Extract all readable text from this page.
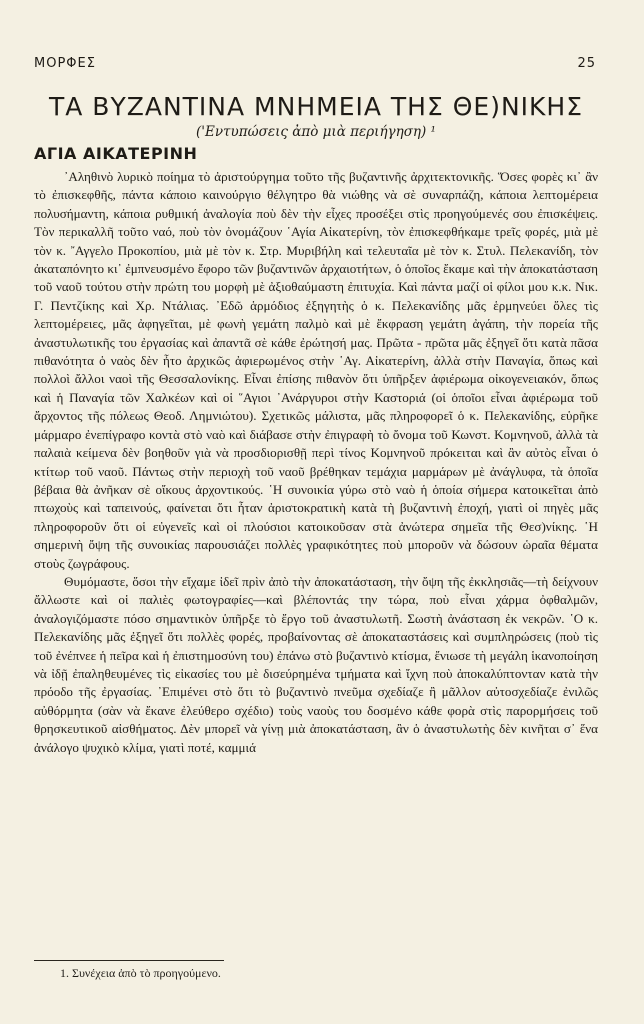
ΜΟΡΦΕΣ	25
ΤΑ ΒΥΖΑΝΤΙΝΑ ΜΝΗΜΕΙΑ ΤΗΣ ΘΕ)ΝΙΚΗΣ

('Εντυπώσεις ἀπὸ μιὰ περιήγηση) ¹

ΑΓΙΑ ΑΙΚΑΤΕΡΙΝΗ

᾿Αληθινὸ λυρικὸ ποίημα τὸ ἀριστούργημα τοῦτο τῆς βυζαντινῆς ἀρχιτεκτονικῆς. Ὅσες φορὲς κι᾿ ἂν τὸ ἐπισκεφθῆς, πάντα κάποιο καινούργιο θέλγητρο θὰ νιώθης νὰ σὲ συναρπάζη, κάποια λεπτομέρεια πολυσήμαντη, κάποια ρυθμική ἀναλογία ποὺ δὲν τὴν εἶχες προσέξει στὶς προηγούμενές σου ἐπισκέψεις. Τὸν περικαλλῆ τοῦτο ναό, ποὺ τὸν ὀνομάζουν ῾Αγία Αἰκατερίνη, τὸν ἐπισκεφθήκαμε τρεῖς φορές, μιὰ μὲ τὸν κ. ῎Αγγελο Προκοπίου, μιὰ μὲ τὸν κ. Στρ. Μυριβήλη καὶ τελευταῖα μὲ τὸν κ. Στυλ. Πελεκανίδη, τὸν ἀκαταπόνητο κι᾿ ἐμπνευσμένο ἔφορο τῶν βυζαντινῶν ἀρχαιοτήτων, ὁ ὁποῖος ἔκαμε καὶ τὴν ἀποκατάσταση τοῦ ναοῦ τούτου στὴν πρώτη του μορφὴ μὲ ἀξιοθαύμαστη ἐπιτυχία. Καὶ πάντα μαζί οἱ φίλοι μου κ.κ. Νικ. Γ. Πεντζίκης καὶ Χρ. Ντάλιας. ᾿Εδῶ ἁρμόδιος ἐξηγητὴς ὁ κ. Πελεκανίδης μᾶς ἑρμηνεύει ὅλες τὶς λεπτομέρειες, μᾶς ἀφηγεῖται, μὲ φωνὴ γεμάτη παλμὸ καὶ μὲ ἔκφραση γεμάτη ἀγάπη, τὴν πορεία τῆς ἀναστυλωτικῆς του ἐργασίας καὶ ἀπαντᾶ σὲ κάθε ἐρώτησή μας. Πρῶτα - πρῶτα μᾶς ἐξηγεῖ ὅτι κατὰ πᾶσα πιθανότητα ὁ ναὸς δὲν ἦτο ἀρχικῶς ἀφιερωμένος στὴν ῾Αγ. Αἰκατερίνη, ἀλλὰ στὴν Παναγία, ὅπως καὶ πολλοὶ ἄλλοι ναοὶ τῆς Θεσσαλονίκης. Εἶναι ἐπίσης πιθανὸν ὅτι ὑπῆρξεν ἀφιέρωμα οἰκογενειακόν, ὅπως καὶ ἡ Παναγία τῶν Χαλκέων καὶ οἱ ῞Αγιοι ᾿Ανάργυροι στὴν Καστοριά (οἱ ὁποῖοι εἶναι ἀφιέρωμα τοῦ ἄρχοντος τῆς πόλεως Θεοδ. Λημνιώτου). Σχετικῶς μάλιστα, μᾶς πληροφορεῖ ὁ κ. Πελεκανίδης, εὑρῆκε μάρμαρο ἐνεπίγραφο κοντὰ στὸ ναὸ καὶ διάβασε στὴν ἐπιγραφὴ τὸ ὄνομα τοῦ Κωνστ. Κομνηνοῦ, ἀλλὰ τὰ παλαιὰ κείμενα δὲν βοηθοῦν γιὰ νὰ προσδιορισθῇ περὶ τίνος Κομνηνοῦ πρόκειται καὶ ἂν αὐτὸς εἶναι ὁ κτίτωρ τοῦ ναοῦ. Πάντως στὴν περιοχὴ τοῦ ναοῦ βρέθηκαν τεμάχια μαρμάρων μὲ ἀνάγλυφα, τὰ ὁποῖα βέβαια θὰ ἀνῆκαν σὲ οἴκους ἀρχοντικούς. ῾Η συνοικία γύρω στὸ ναὸ ἡ ὁποία σήμερα κατοικεῖται ἀπὸ πτωχοὺς καὶ ταπεινούς, φαίνεται ὅτι ἦταν ἀριστοκρατικὴ κατὰ τὴ βυζαντινὴ ἐποχή, γιατὶ οἱ πηγὲς μᾶς πληροφοροῦν ὅτι οἱ εὐγενεῖς καὶ οἱ πλούσιοι κατοικοῦσαν στὰ ἀνώτερα σημεῖα τῆς Θεσ)νίκης. ῾Η σημερινὴ ὄψη τῆς συνοικίας παρουσιάζει πολλὲς γραφικότητες ποὺ μποροῦν νὰ δώσουν ὡραῖα θέματα στοὺς ζωγράφους.

Θυμόμαστε, ὅσοι τὴν εἴχαμε ἰδεῖ πρὶν ἀπὸ τὴν ἀποκατάσταση, τὴν ὄψη τῆς ἐκκλησιᾶς—τὴ δείχνουν ἄλλωστε καὶ οἱ παλιὲς φωτογραφίες—καὶ βλέποντάς την τώρα, ποὺ εἶναι χάρμα ὀφθαλμῶν, ἀναλογιζόμαστε πόσο σημαντικὸν ὑπῆρξε τὸ ἔργο τοῦ ἀναστυλωτῆ. Σωστὴ ἀνάσταση ἐκ νεκρῶν. ῾Ο κ. Πελεκανίδης μᾶς ἐξηγεῖ ὅτι πολλὲς φορές, προβαίνοντας σὲ ἀποκαταστάσεις καὶ συμπληρώσεις (ποὺ τὶς τοῦ ἐνέπνεε ἡ πεῖρα καὶ ἡ ἐπιστημοσύνη του) ἐπάνω στὸ βυζαντινὸ κτίσμα, ἔνιωσε τὴ μεγάλη ἱκανοποίηση νὰ ἰδῇ ἐπαληθευμένες τὶς εἰκασίες του μὲ δισεύρημένα τμήματα καὶ ἴχνη ποὺ ἀποκαλύπτονταν κατὰ τὴν πρόοδο τῆς ἐργασίας. ᾿Επιμένει στὸ ὅτι τὸ βυζαντινὸ πνεῦμα σχεδίαζε ἢ μᾶλλον αὐτοσχεδίαζε ἐνιλῶς αὐθόρμητα (σὰν νὰ ἔκανε ἐλεύθερο σχέδιο) τοὺς ναοὺς του δοσμένο κάθε φορὰ στὶς παρορμήσεις τοῦ θρησκευτικοῦ αἰσθήματος. Δὲν μπορεῖ νὰ γίνῃ μιὰ ἀποκατάσταση, ἂν ὁ ἀναστυλωτὴς δὲν κινῆται σ᾿ ἕνα ἀνάλογο ψυχικὸ κλίμα, γιατὶ ποτέ, καμμιά

1. Συνέχεια ἀπὸ τὸ προηγούμενο.
